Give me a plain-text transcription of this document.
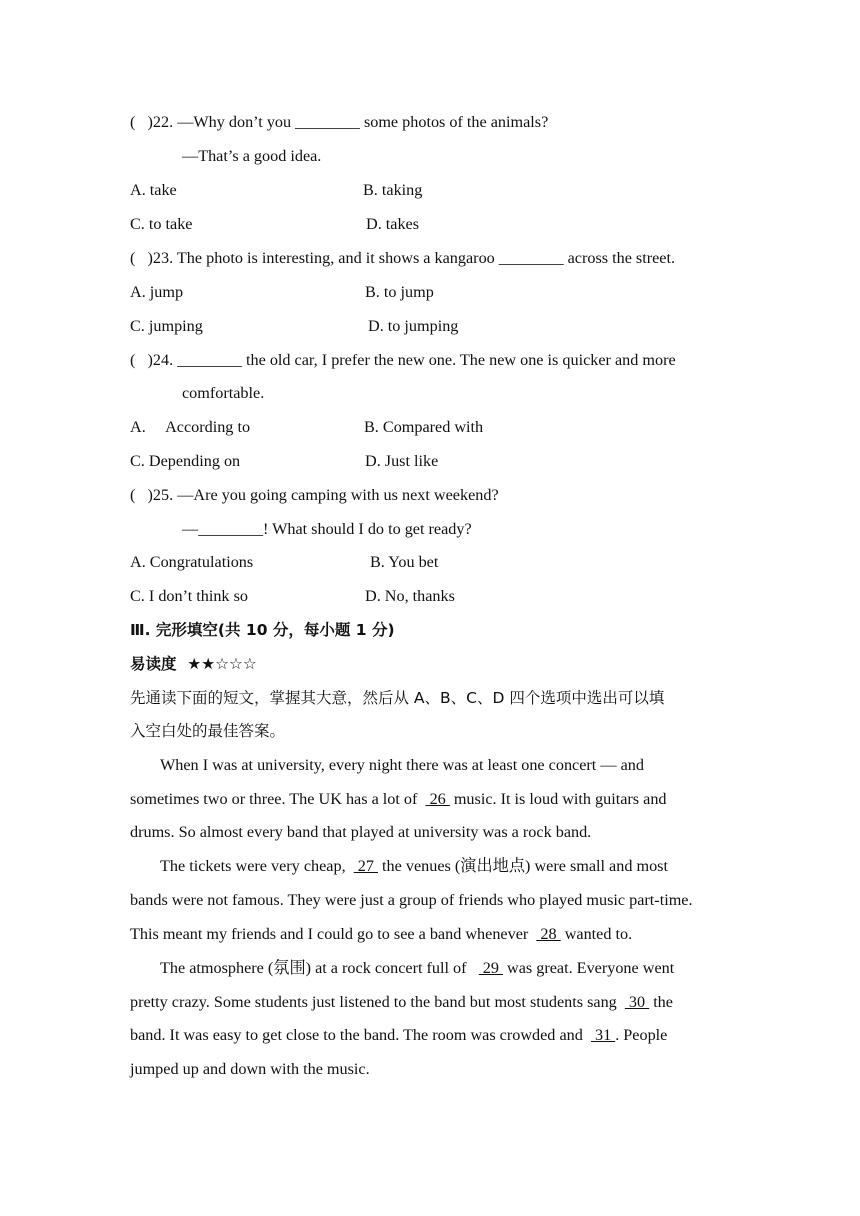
(   )22. —Why don’t you ________ some photos of the animals?
—That’s a good idea.
A. take	B. taking
C. to take	D. takes
(   )23. The photo is interesting, and it shows a kangaroo ________ across the street.
A. jump	B. to jump
C. jumping	D. to jumping
(   )24. ________ the old car, I prefer the new one. The new one is quicker and more
comfortable.
A.     According to	B. Compared with
C. Depending on	D. Just like
(   )25. —Are you going camping with us next weekend?
—________! What should I do to get ready?
A. Congratulations	B. You bet
C. I don’t think so	D. No, thanks
Ⅲ. 完形填空(共 10 分，每小题 1 分)
易读度  ★★☆☆☆
先通读下面的短文，掌握其大意，然后从 A、B、C、D 四个选项中选出可以填
入空白处的最佳答案。
When I was at university, every night there was at least one concert — and
sometimes two or three. The UK has a lot of   26  music. It is loud with guitars and
drums. So almost every band that played at university was a rock band.
The tickets were very cheap,   27  the venues (演出地点) were small and most
bands were not famous. They were just a group of friends who played music part-time.
This meant my friends and I could go to see a band whenever   28  wanted to.
The atmosphere (氛围) at a rock concert full of    29  was great. Everyone went
pretty crazy. Some students just listened to the band but most students sang   30  the
band. It was easy to get close to the band. The room was crowded and   31 . People
jumped up and down with the music.
